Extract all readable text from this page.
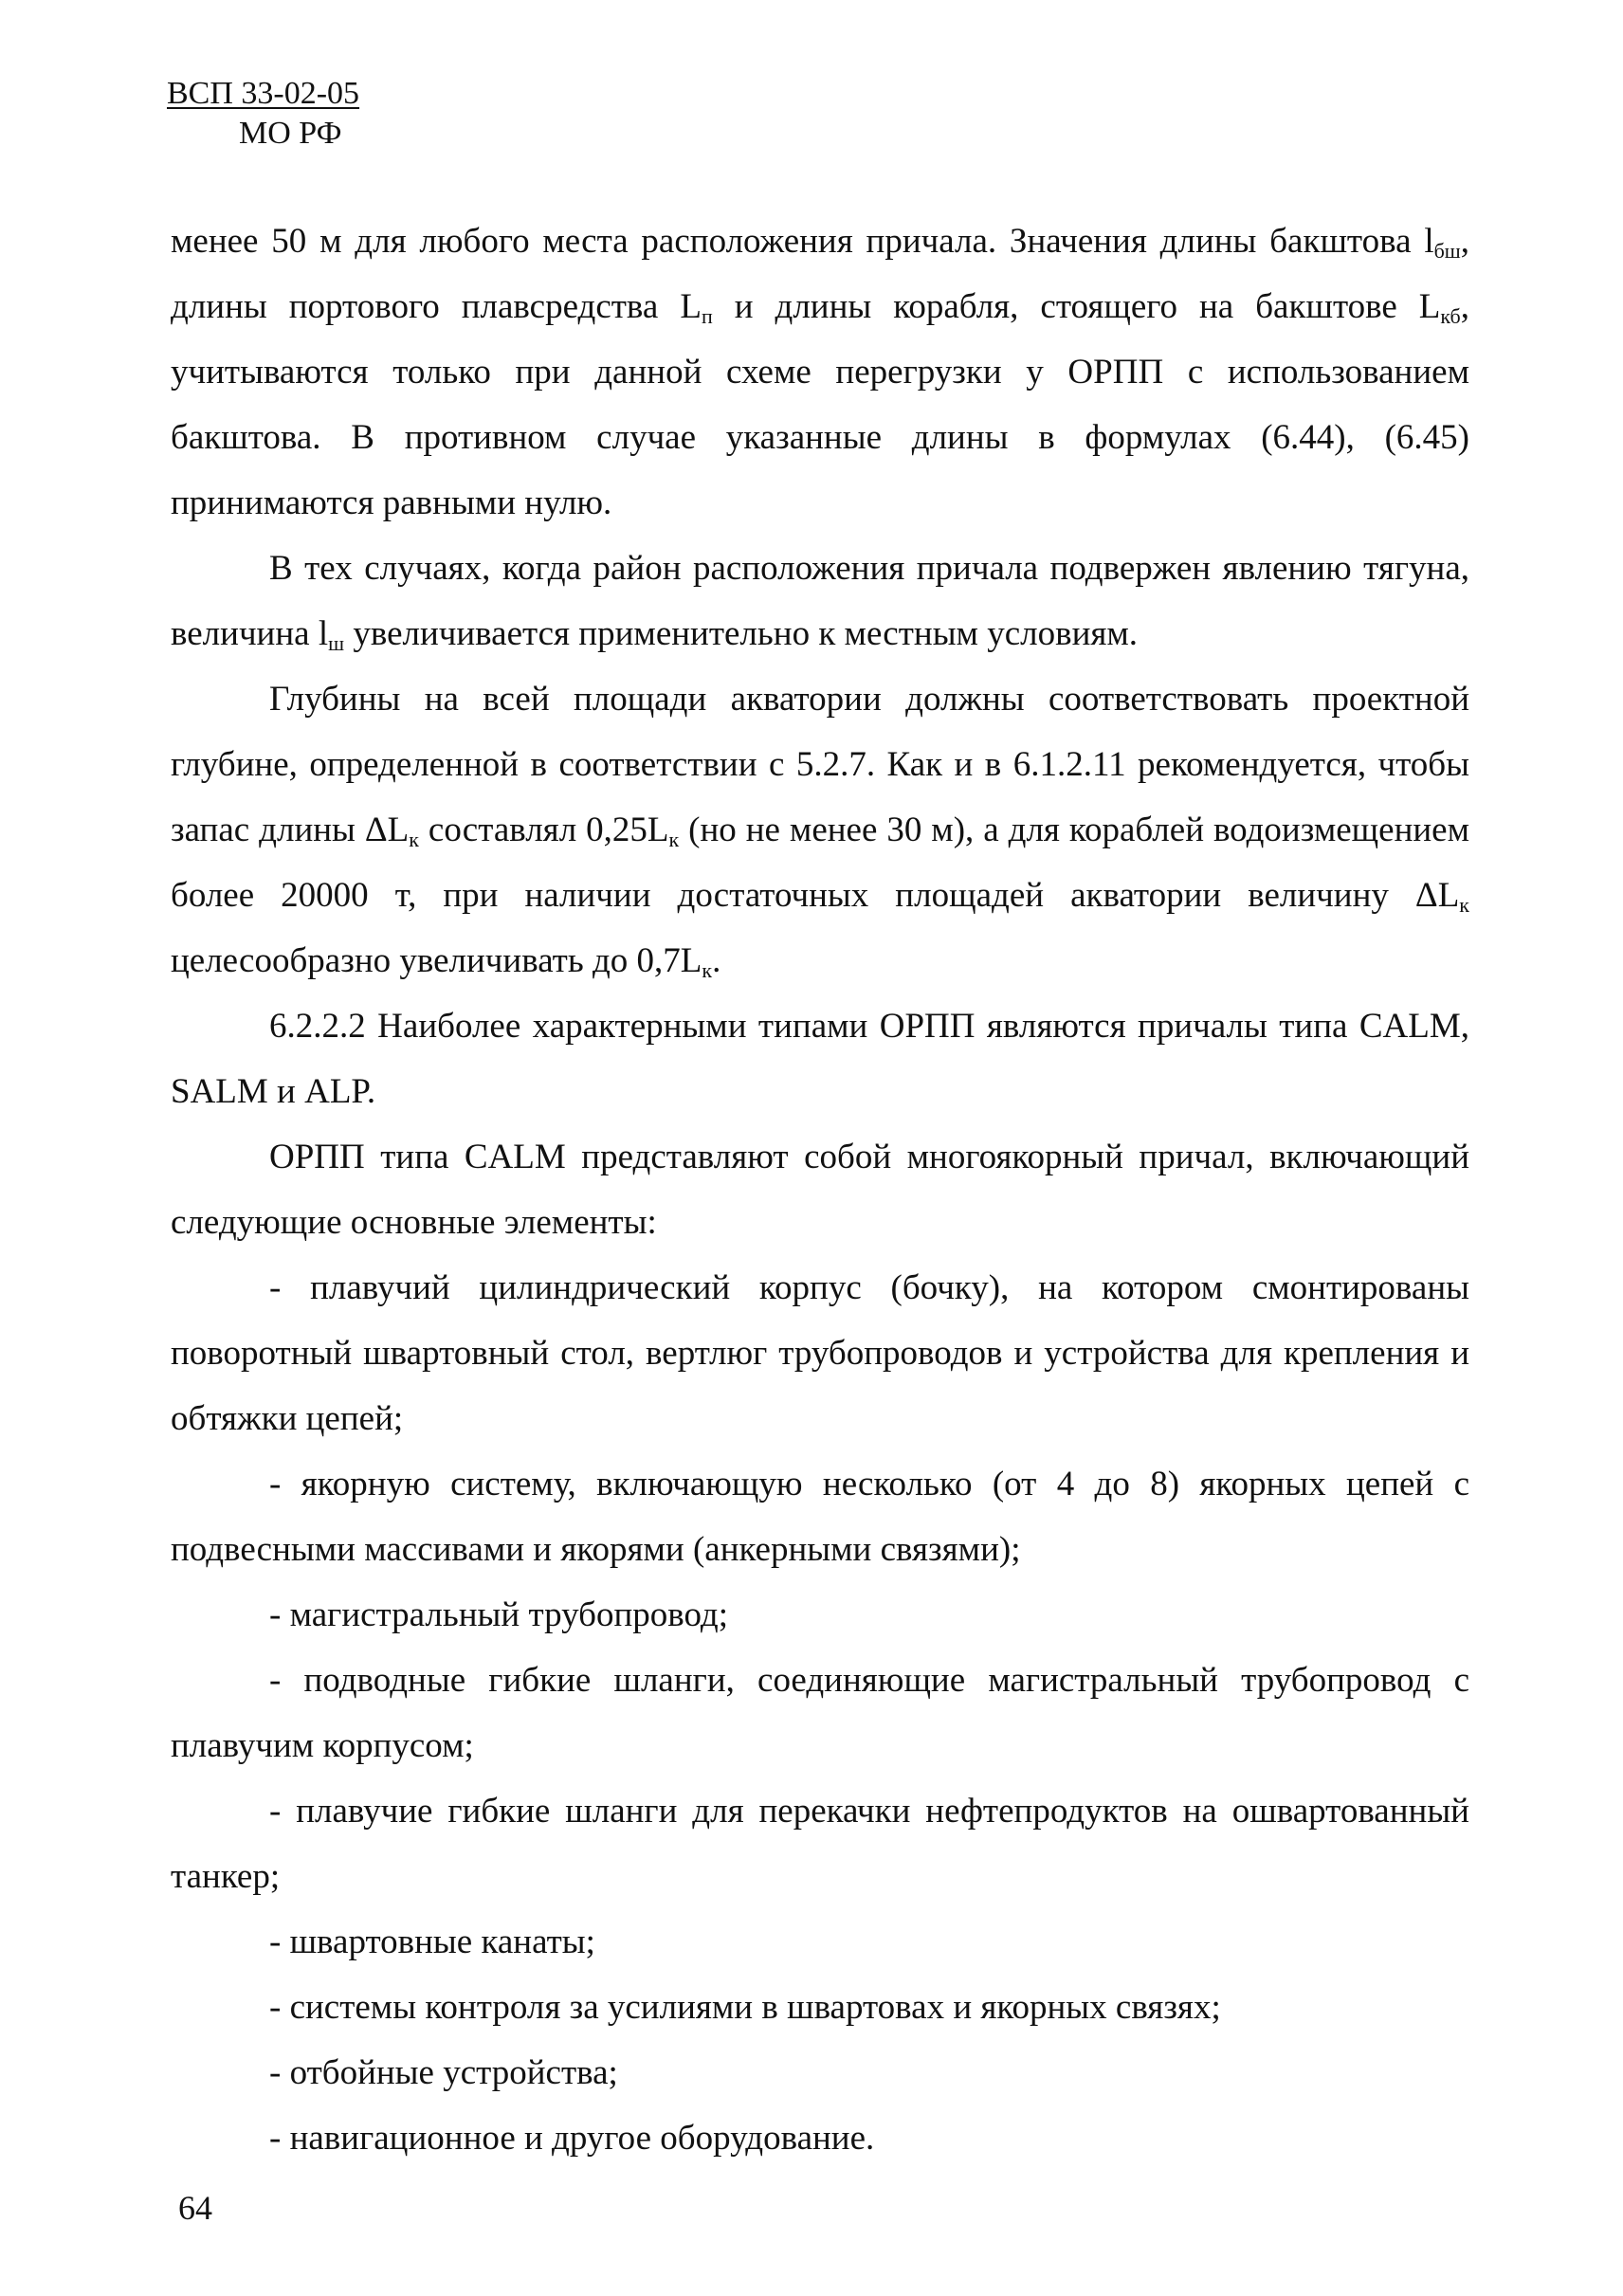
ВСП 33-02-05
МО РФ

менее 50 м для любого места расположения причала. Значения длины бакштова $l_{бш}$, длины портового плавсредства $L_п$ и длины корабля, стоящего на бакштове $L_{кб}$, учитываются только при данной схеме перегрузки у ОРПП с использованием бакштова. В противном случае указанные длины в формулах (6.44), (6.45) принимаются равными нулю.

В тех случаях, когда район расположения причала подвержен явлению тягуна, величина $l_ш$ увеличивается применительно к местным условиям.

Глубины на всей площади акватории должны соответствовать проектной глубине, определенной в соответствии с 5.2.7. Как и в 6.1.2.11 рекомендуется, чтобы запас длины $\Delta L_к$ составлял $0,25L_к$ (но не менее 30 м), а для кораблей водоизмещением более 20000 т, при наличии достаточных площадей акватории величину $\Delta L_к$ целесообразно увеличивать до $0,7L_к$.

6.2.2.2 Наиболее характерными типами ОРПП являются причалы типа CALM, SALM и ALP.

ОРПП типа CALM представляют собой многоякорный причал, включающий следующие основные элементы:

- плавучий цилиндрический корпус (бочку), на котором смонтированы поворотный швартовный стол, вертлюг трубопроводов и устройства для крепления и обтяжки цепей;

- якорную систему, включающую несколько (от 4 до 8) якорных цепей с подвесными массивами и якорями (анкерными связями);

- магистральный трубопровод;

- подводные гибкие шланги, соединяющие магистральный трубопровод с плавучим корпусом;

- плавучие гибкие шланги для перекачки нефтепродуктов на ошвартованный танкер;

- швартовные канаты;

- системы контроля за усилиями в швартовах и якорных связях;

- отбойные устройства;

- навигационное и другое оборудование.

64
